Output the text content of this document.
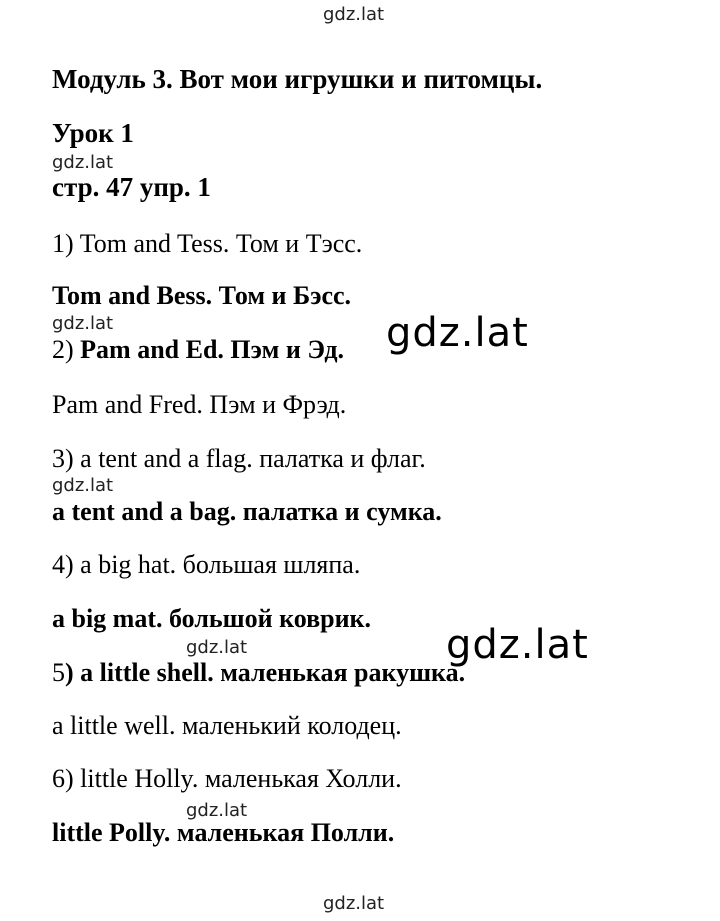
gdz.lat
gdz.lat
gdz.lat	gdz.lat
gdz.lat
gdz.lat	gdz.lat
gdz.lat
gdz.lat
Модуль 3. Вот мои игрушки и питомцы.
Урок 1
стр. 47 упр. 1
1) Tom and Tess. Том и Тэсс.
Tom and Bess. Том и Бэсс.
2) Pam and Ed. Пэм и Эд.
Pam and Fred. Пэм и Фрэд.
3) a tent and a flag. палатка и флаг.
a tent and a bag. палатка и сумка.
4) a big hat. большая шляпа.
a big mat. большой коврик.
5) a little shell. маленькая ракушка.
a little well. маленький колодец.
6) little Holly. маленькая Холли.
little Polly. маленькая Полли.
